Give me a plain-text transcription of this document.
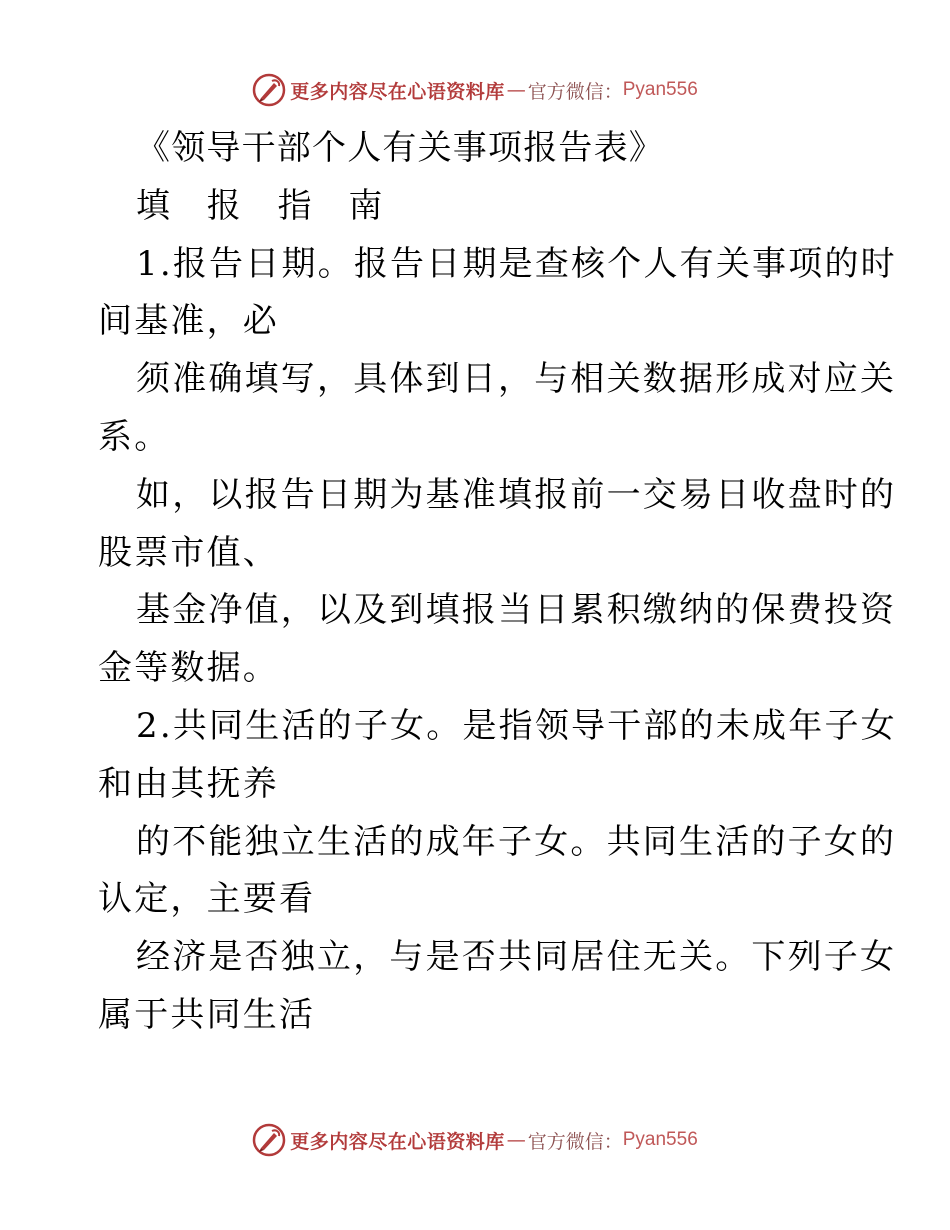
更多内容尽在心语资料库 — 官方微信： Pyan556
《领导干部个人有关事项报告表》
填 报 指 南
1.报告日期。报告日期是查核个人有关事项的时
间基准，必
须准确填写，具体到日，与相关数据形成对应关
系。
如，以报告日期为基准填报前一交易日收盘时的
股票市值、
基金净值，以及到填报当日累积缴纳的保费投资
金等数据。
2.共同生活的子女。是指领导干部的未成年子女
和由其抚养
的不能独立生活的成年子女。共同生活的子女的
认定，主要看
经济是否独立，与是否共同居住无关。下列子女
属于共同生活
更多内容尽在心语资料库 — 官方微信： Pyan556
